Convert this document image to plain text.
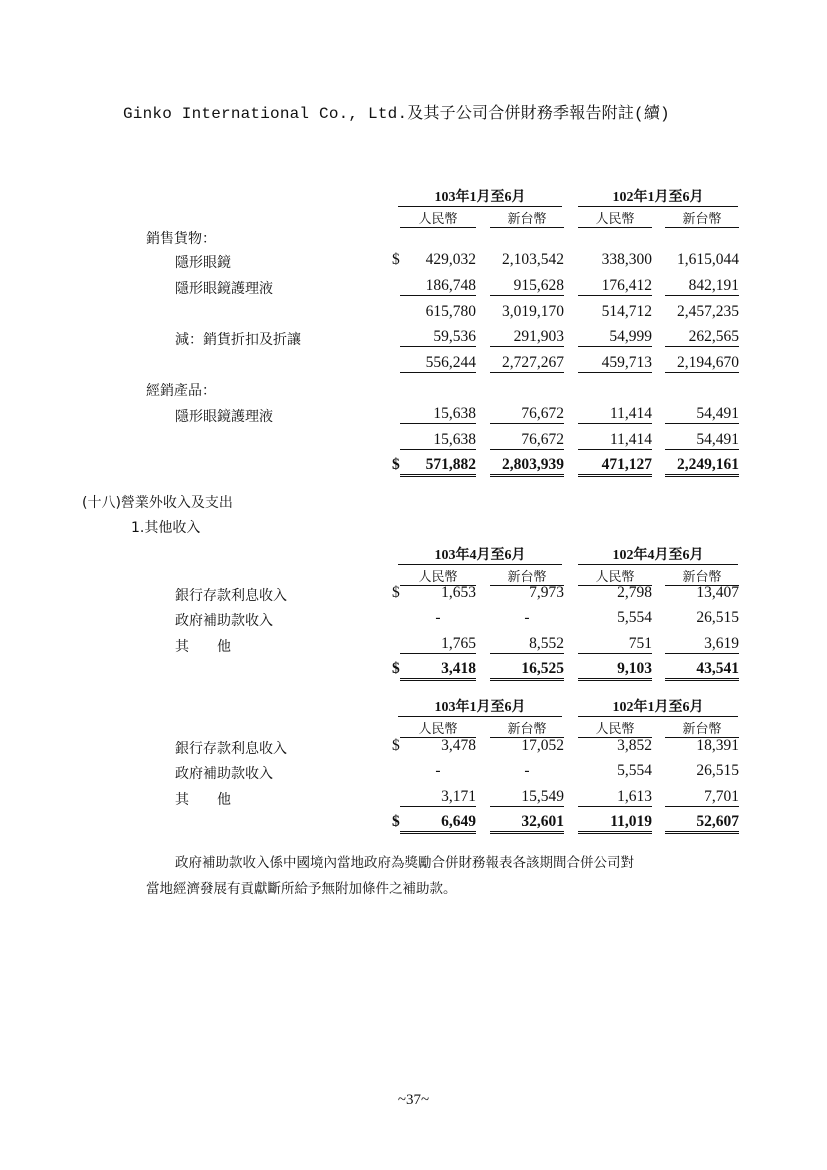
Ginko International Co., Ltd.及其子公司合併財務季報告附註(續)
103年1月至6月	102年1月至6月
人民幣	新台幣	人民幣	新台幣
銷售貨物：
隱形眼鏡	$	429,032	2,103,542	338,300	1,615,044
隱形眼鏡護理液	186,748	915,628	176,412	842,191
615,780	3,019,170	514,712	2,457,235
減：銷貨折扣及折讓	59,536	291,903	54,999	262,565
556,244	2,727,267	459,713	2,194,670
經銷產品：
隱形眼鏡護理液	15,638	76,672	11,414	54,491
15,638	76,672	11,414	54,491
$	571,882	2,803,939	471,127	2,249,161
(十八)營業外收入及支出
1.其他收入
103年4月至6月	102年4月至6月
人民幣	新台幣	人民幣	新台幣
銀行存款利息收入	$	1,653	7,973	2,798	13,407
政府補助款收入	-	-	5,554	26,515
其　　他	1,765	8,552	751	3,619
$	3,418	16,525	9,103	43,541
103年1月至6月	102年1月至6月
人民幣	新台幣	人民幣	新台幣
銀行存款利息收入	$	3,478	17,052	3,852	18,391
政府補助款收入	-	-	5,554	26,515
其　　他	3,171	15,549	1,613	7,701
$	6,649	32,601	11,019	52,607
政府補助款收入係中國境內當地政府為獎勵合併財務報表各該期間合併公司對
當地經濟發展有貢獻斷所給予無附加條件之補助款。
~37~
